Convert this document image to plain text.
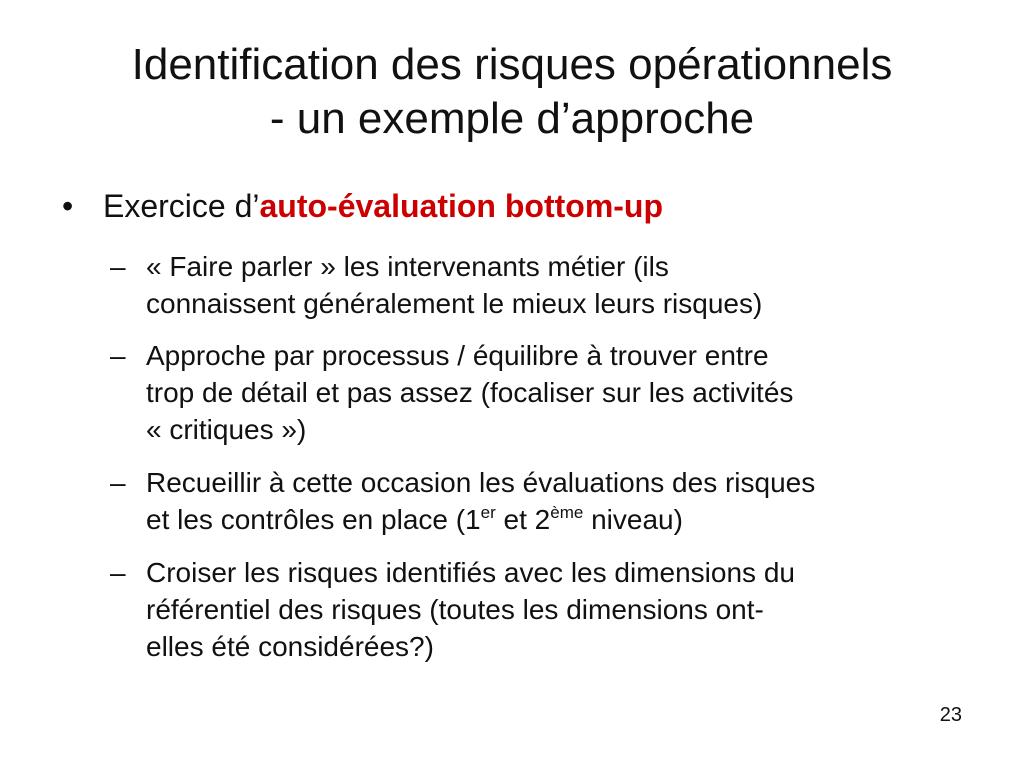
Identification des risques opérationnels
- un exemple d’approche
• Exercice d’auto-évaluation bottom-up
– « Faire parler » les intervenants métier (ils
connaissent généralement le mieux leurs risques)
– Approche par processus / équilibre à trouver entre
trop de détail et pas assez (focaliser sur les activités
« critiques »)
– Recueillir à cette occasion les évaluations des risques
et les contrôles en place (1er et 2ème niveau)
– Croiser les risques identifiés avec les dimensions du
référentiel des risques (toutes les dimensions ont-
elles été considérées?)
23
